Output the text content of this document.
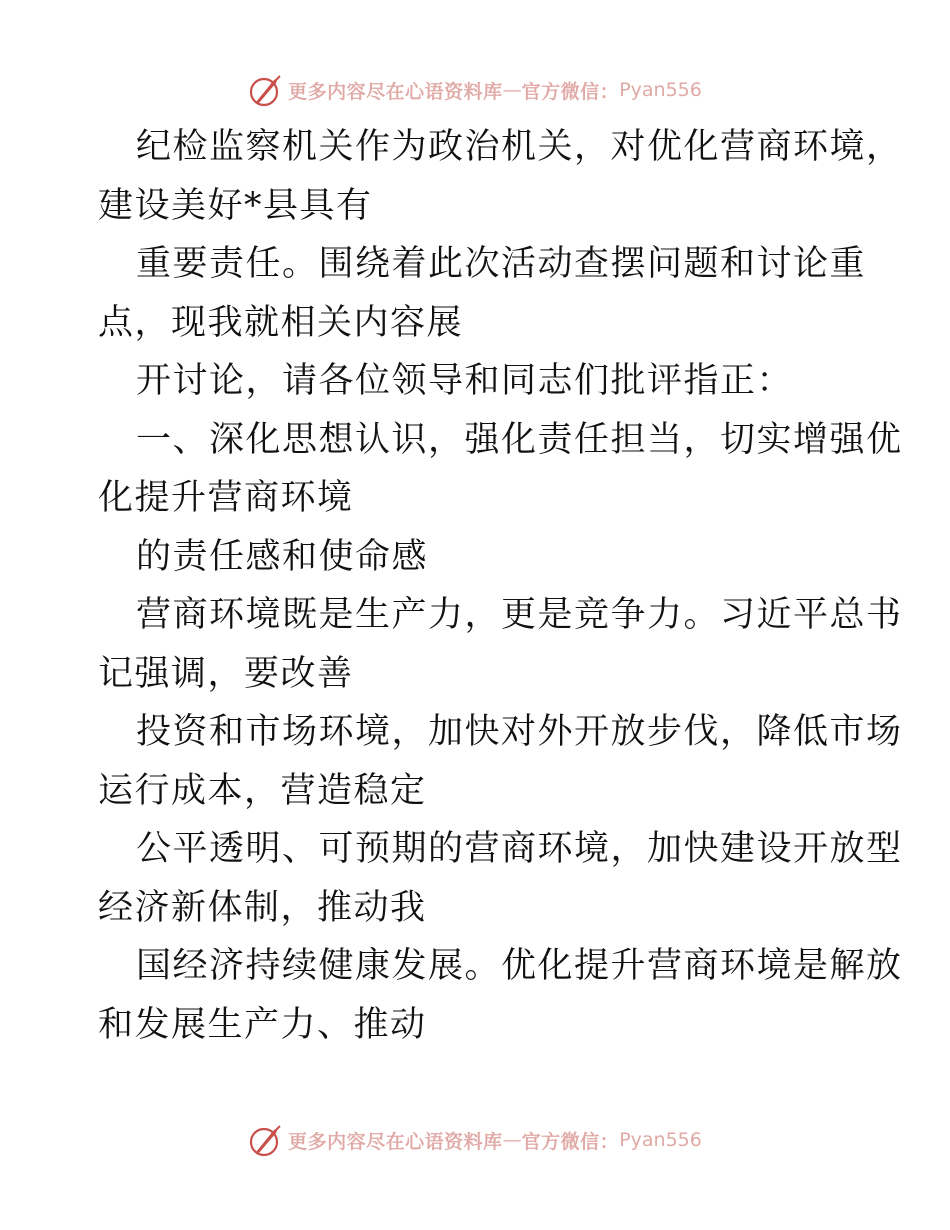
更多内容尽在心语资料库 — 官方微信： Pyan556
纪检监察机关作为政治机关，对优化营商环境，
建设美好*县具有
重要责任。围绕着此次活动查摆问题和讨论重
点，现我就相关内容展
开讨论，请各位领导和同志们批评指正：
一、深化思想认识，强化责任担当，切实增强优
化提升营商环境
的责任感和使命感
营商环境既是生产力，更是竞争力。习近平总书
记强调，要改善
投资和市场环境，加快对外开放步伐，降低市场
运行成本，营造稳定
公平透明、可预期的营商环境，加快建设开放型
经济新体制，推动我
国经济持续健康发展。优化提升营商环境是解放
和发展生产力、推动
更多内容尽在心语资料库 — 官方微信： Pyan556
